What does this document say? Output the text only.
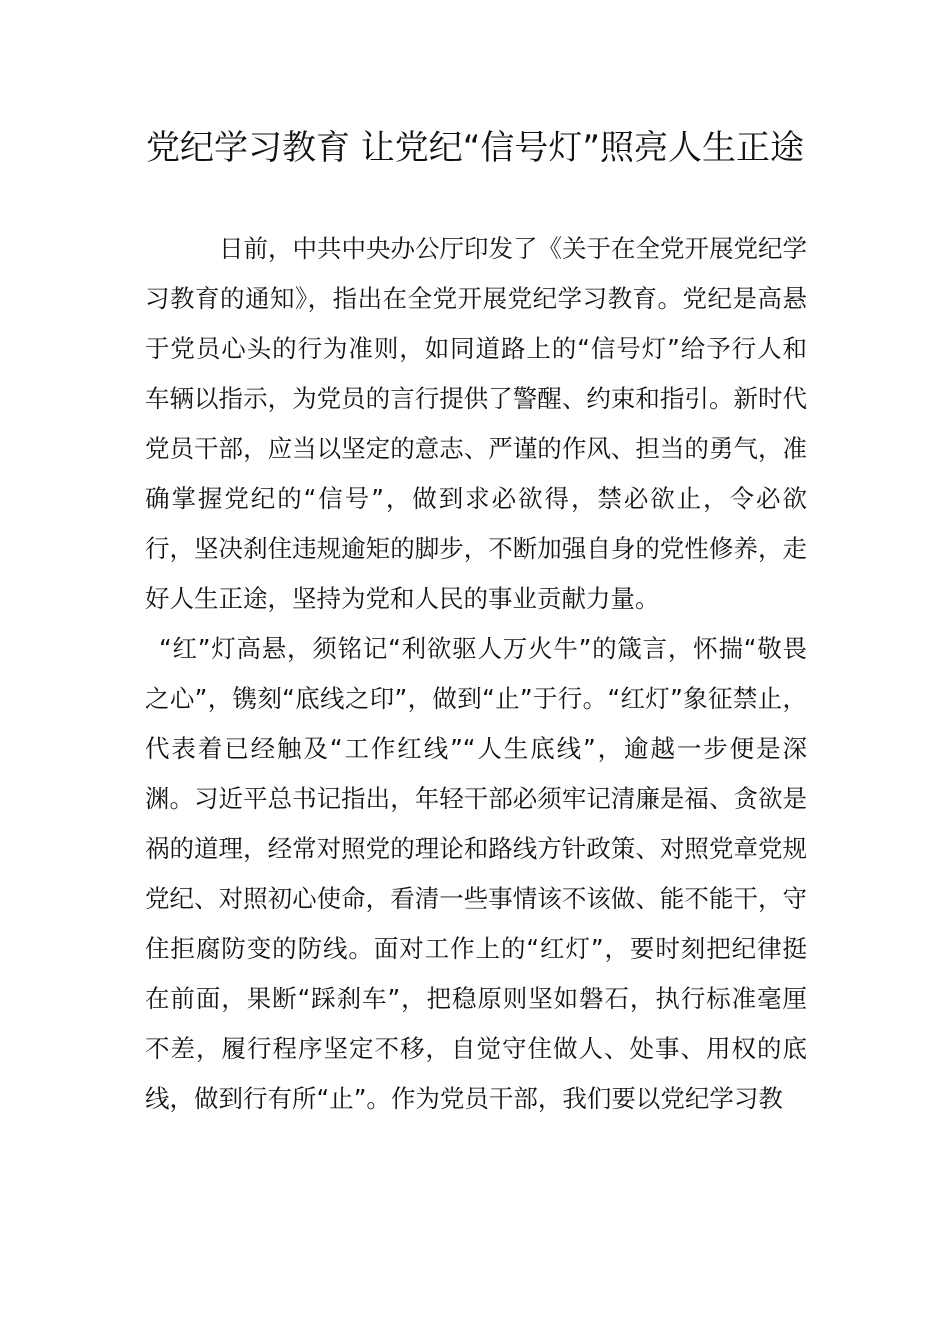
党纪学习教育 让党纪“信号灯”照亮人生正途

日前，中共中央办公厅印发了《关于在全党开展党纪学习教育的通知》，指出在全党开展党纪学习教育。党纪是高悬于党员心头的行为准则，如同道路上的“信号灯”给予行人和车辆以指示，为党员的言行提供了警醒、约束和指引。新时代党员干部，应当以坚定的意志、严谨的作风、担当的勇气，准确掌握党纪的“信号”，做到求必欲得，禁必欲止，令必欲行，坚决刹住违规逾矩的脚步，不断加强自身的党性修养，走好人生正途，坚持为党和人民的事业贡献力量。

“红”灯高悬，须铭记“利欲驱人万火牛”的箴言，怀揣“敬畏之心”，镌刻“底线之印”，做到“止”于行。“红灯”象征禁止，代表着已经触及“工作红线”“人生底线”，逾越一步便是深渊。习近平总书记指出，年轻干部必须牢记清廉是福、贪欲是祸的道理，经常对照党的理论和路线方针政策、对照党章党规党纪、对照初心使命，看清一些事情该不该做、能不能干，守住拒腐防变的防线。面对工作上的“红灯”，要时刻把纪律挺在前面，果断“踩刹车”，把稳原则坚如磐石，执行标准毫厘不差，履行程序坚定不移，自觉守住做人、处事、用权的底线，做到行有所“止”。作为党员干部，我们要以党纪学习教
